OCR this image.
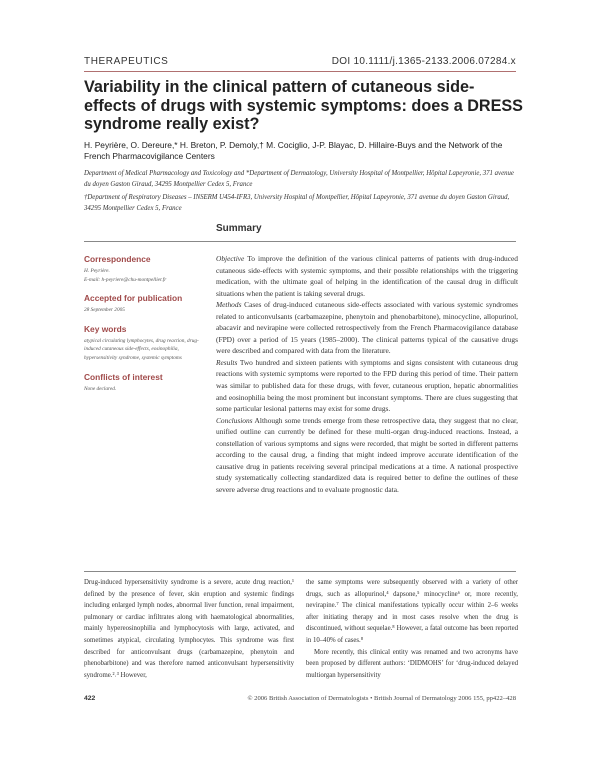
THERAPEUTICS	DOI 10.1111/j.1365-2133.2006.07284.x
Variability in the clinical pattern of cutaneous side-effects of drugs with systemic symptoms: does a DRESS syndrome really exist?
H. Peyrière, O. Dereure,* H. Breton, P. Demoly,† M. Cociglio, J-P. Blayac, D. Hillaire-Buys and the Network of the French Pharmacovigilance Centers

Department of Medical Pharmacology and Toxicology and *Department of Dermatology, University Hospital of Montpellier, Hôpital Lapeyronie, 371 avenue du doyen Gaston Giraud, 34295 Montpellier Cedex 5, France

†Department of Respiratory Diseases – INSERM U454-IFR3, University Hospital of Montpellier, Hôpital Lapeyronie, 371 avenue du doyen Gaston Giraud, 34295 Montpellier Cedex 5, France

Summary

Correspondence

H. Peyrière.

E-mail: h-peyriere@chu-montpellier.fr

Accepted for publication

28 September 2005

Key words

atypical circulating lymphocytes, drug reaction, drug-induced cutaneous side-effects, eosinophilia, hypersensitivity syndrome, systemic symptoms

Conflicts of interest

None declared.

Objective To improve the definition of the various clinical patterns of patients with drug-induced cutaneous side-effects with systemic symptoms, and their possible relationships with the triggering medication, with the ultimate goal of helping in the identification of the causal drug in difficult situations when the patient is taking several drugs.

Methods Cases of drug-induced cutaneous side-effects associated with various systemic syndromes related to anticonvulsants (carbamazepine, phenytoin and phenobarbitone), minocycline, allopurinol, abacavir and nevirapine were collected retrospectively from the French Pharmacovigilance database (FPD) over a period of 15 years (1985–2000). The clinical patterns typical of the causative drugs were described and compared with data from the literature.

Results Two hundred and sixteen patients with symptoms and signs consistent with cutaneous drug reactions with systemic symptoms were reported to the FPD during this period of time. Their pattern was similar to published data for these drugs, with fever, cutaneous eruption, hepatic abnormalities and eosinophilia being the most prominent but inconstant symptoms. There are clues suggesting that some particular lesional patterns may exist for some drugs.

Conclusions Although some trends emerge from these retrospective data, they suggest that no clear, unified outline can currently be defined for these multi-organ drug-induced reactions. Instead, a constellation of various symptoms and signs were recorded, that might be sorted in different patterns according to the causal drug, a finding that might indeed improve accurate identification of the causative drug in patients receiving several principal medications at a time. A national prospective study systematically collecting standardized data is required better to define the outlines of these severe adverse drug reactions and to evaluate prognostic data.

Drug-induced hypersensitivity syndrome is a severe, acute drug reaction,¹ defined by the presence of fever, skin eruption and systemic findings including enlarged lymph nodes, abnormal liver function, renal impairment, pulmonary or cardiac infiltrates along with haematological abnormalities, mainly hypereosinophilia and lymphocytosis with large, activated, and sometimes atypical, circulating lymphocytes. This syndrome was first described for anticonvulsant drugs (carbamazepine, phenytoin and phenobarbitone) and was therefore named anticonvulsant hypersensitivity syndrome.²˒³ However,

the same symptoms were subsequently observed with a variety of other drugs, such as allopurinol,⁴ dapsone,⁵ minocycline⁶ or, more recently, nevirapine.⁷ The clinical manifestations typically occur within 2–6 weeks after initiating therapy and in most cases resolve when the drug is discontinued, without sequelae.⁸ However, a fatal outcome has been reported in 10–40% of cases.⁸

More recently, this clinical entity was renamed and two acronyms have been proposed by different authors: ‘DIDMOHS’ for ‘drug-induced delayed multiorgan hypersensitivity

422	© 2006 British Association of Dermatologists • British Journal of Dermatology 2006 155, pp422–428
